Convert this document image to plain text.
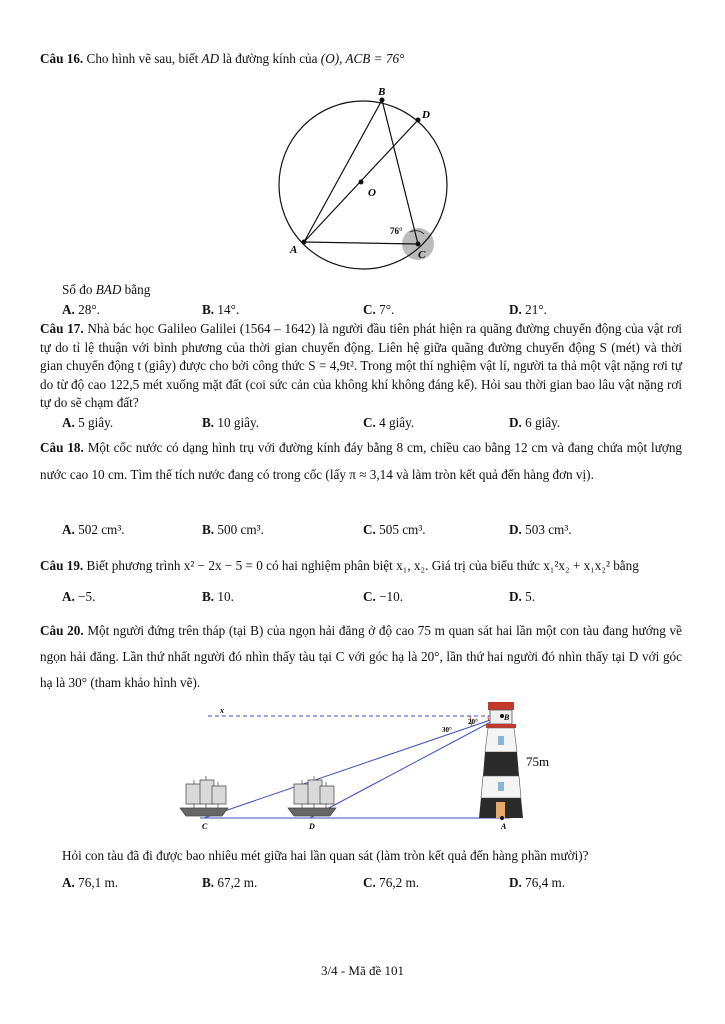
Câu 16. Cho hình vẽ sau, biết AD là đường kính của (O), ACB = 76°
B
D
O
A	C
76°
Số đo BAD bằng
A. 28°.	B. 14°.	C. 7°.	D. 21°.
Câu 17. Nhà bác học Galileo Galilei (1564 – 1642) là người đầu tiên phát hiện ra quãng đường chuyển động của vật rơi tự do tỉ lệ thuận với bình phương của thời gian chuyển động. Liên hệ giữa quãng đường chuyển động S (mét) và thời gian chuyển động t (giây) được cho bởi công thức S = 4,9t². Trong một thí nghiệm vật lí, người ta thả một vật nặng rơi tự do từ độ cao 122,5 mét xuống mặt đất (coi sức cản của không khí không đáng kể). Hỏi sau thời gian bao lâu vật nặng rơi tự do sẽ chạm đất?
A. 5 giây.	B. 10 giây.	C. 4 giây.	D. 6 giây.
Câu 18. Một cốc nước có dạng hình trụ với đường kính đáy bằng 8 cm, chiều cao bằng 12 cm và đang chứa một lượng nước cao 10 cm. Tìm thể tích nước đang có trong cốc (lấy π ≈ 3,14 và làm tròn kết quả đến hàng đơn vị).
A. 502 cm³.	B. 500 cm³.	C. 505 cm³.	D. 503 cm³.
Câu 19. Biết phương trình x² − 2x − 5 = 0 có hai nghiệm phân biệt x₁, x₂. Giá trị của biểu thức x₁²x₂ + x₁x₂² bằng
A. −5.	B. 10.	C. −10.	D. 5.
Câu 20. Một người đứng trên tháp (tại B) của ngọn hải đăng ở độ cao 75 m quan sát hai lần một con tàu đang hướng về ngọn hải đăng. Lần thứ nhất người đó nhìn thấy tàu tại C với góc hạ là 20°, lần thứ hai người đó nhìn thấy tại D với góc hạ là 30° (tham khảo hình vẽ).
x
30°
20°	B
75m
C	D	A
Hỏi con tàu đã đi được bao nhiêu mét giữa hai lần quan sát (làm tròn kết quả đến hàng phần mười)?
A. 76,1 m.	B. 67,2 m.	C. 76,2 m.	D. 76,4 m.
3/4 - Mã đề 101
